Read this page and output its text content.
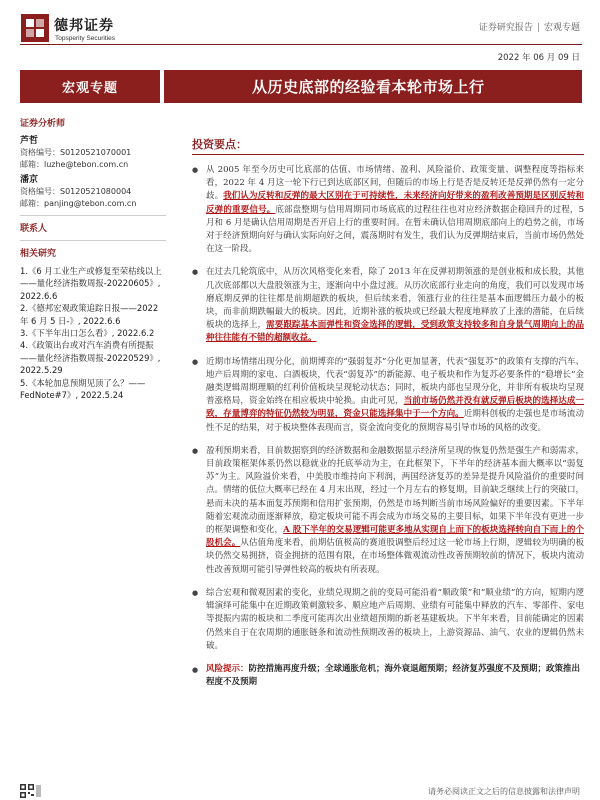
德邦证券
Topsperity Securities
证券研究报告 | 宏观专题
2022 年 06 月 09 日
宏观专题	从历史底部的经验看本轮市场上行
证券分析师
芦哲
资格编号：S0120521070001
邮箱：luzhe@tebon.com.cn
潘京
资格编号：S0120521080004
邮箱：panjing@tebon.com.cn
联系人
相关研究
1.《6 月工业生产或修复至荣枯线以上——量化经济指数周报-20220605》, 2022.6.6
2.《德邦宏观政策追踪日报——2022 年 6 月 5 日-》, 2022.6.6
3.《下半年出口怎么看》, 2022.6.2
4.《政策出台或对汽车消费有所提振——量化经济指数周报-20220529》, 2022.5.29
5.《本轮加息预期见顶了么？——FedNote#7》, 2022.5.24
投资要点：
● 从 2005 年至今历史可比底部的估值、市场情绪、盈利、风险溢价、政策变量、调整程度等指标来看，2022 年 4 月这一轮下行已到达底部区间，但随后的市场上行是否是反转还是反弹仍然有一定分歧。我们认为反转和反弹的最大区别在于可持续性，未来经济向好带来的盈利改善预期是区别反转和反弹的重要信号。底部盘整期与信用周期同市场底底的过程往往也对应经济数据企稳回升的过程，5 月和 6 月是确认信用周期是否开启上行的重要时间。在暂未确认信用周期底部向上的趋势之前，市场对于经济预期向好与确认实际向好之间，震荡期时有发生，我们认为反弹期结束后，当前市场仍然处在这一阶段。
● 在过去几轮筑底中，从历次风格变化来看，除了 2013 年在反弹初期领涨的是创业板和成长股，其他几次底部都以大盘股领涨为主，逐渐向中小盘过渡。从历次底部行业走向的角度，我们可以发现市场磨底期反弹的往往都是前期超跌的板块，但后续来看，领涨行业的往往是基本面逻辑压力最小的板块，而非前期跌幅最大的板块。因此，近期补涨的板块或已经最大程度地释放了上涨的潜能，在后续板块的选择上，需要跟踪基本面弹性和资金选择的逻辑，受到政策支持较多和自身景气周期向上的品种往往能有不错的超额收益。
● 近期市场情绪出现分化，前期博弈的“强弱复苏”分化更加显著，代表“强复苏”的政策有支撑的汽车、地产后周期的家电、白酒板块，代表“弱复苏”的新能源、电子板块和作为复苏必要条件的“稳增长”金融类逻辑周期理顺的红利价值板块呈现轮动状态；同时，板块内部也呈现分化，并非所有板块均呈现普涨格局，资金始终在相应板块中轮换。由此可见，当前市场仍然并没有就反弹后板块的选择达成一致，存量博弈的特征仍然较为明显，资金只能选择集中于一个方向。近期科创板的走强也是市场流动性不足的结果，对于板块整体表现而言，资金流向变化的预期容易引导市场的风格的改变。
● 盈利预期来看，目前数据察到的经济数据和金融数据显示经济所呈现的恢复仍然是强生产和弱需求，目前政策框架体系仍然以稳就业的托底举动为主，在此框架下，下半年的经济基本面大概率以“弱复苏”为主。风险溢价来看，中美股市维持向下利润，两国经济复苏的差异是提升风险溢价的重要时间点。情绪的低位大概率已经在 4 月末出现，经过一个月左右的修复期，目前缺乏继续上行的突破口，悬而未决的基本面复苏预期和信用扩张预期，仍然是市场判断当前市场风险偏好的重要因素。下半年随着宏观流动面逐渐释放，稳定板块可能不再会成为市场交易的主要目标，如果下半年没有更进一步的框架调整和变化，A 股下半年的交易逻辑可能更多地从实现自上而下的板块选择转向自下而上的个股机会。从估值角度来看，前期估值极高的赛道股调整后经过这一轮市场上行期，逻辑较为明确的板块仍然交易拥挤，资金拥挤的范围有限，在市场整体微观流动性改善预期较前的情况下，板块内流动性改善预期可能引导弹性较高的板块有所表现。
● 综合宏观和微观因素的变化，业绩兑现期之前的变局可能沿着“顺政策”和“顺业绩”的方向，短期内逻辑演绎可能集中在近期政策刺激较多、顺应地产后周期、业绩有可能集中释放的汽车、零部件、家电等提振内需的板块和二季度可能再次出业绩超预期的新老基建板块。下半年来看，目前能确定的因素仍然来自于在农周期的通胀链条和流动性预期改善的板块上，上游资源品、油气、农业的逻辑仍然未破。
● 风险提示：防控措施再度升级；全球通胀危机；海外衰退超预期；经济复苏强度不及预期；政策推出程度不及预期
请务必阅读正文之后的信息披露和法律声明
